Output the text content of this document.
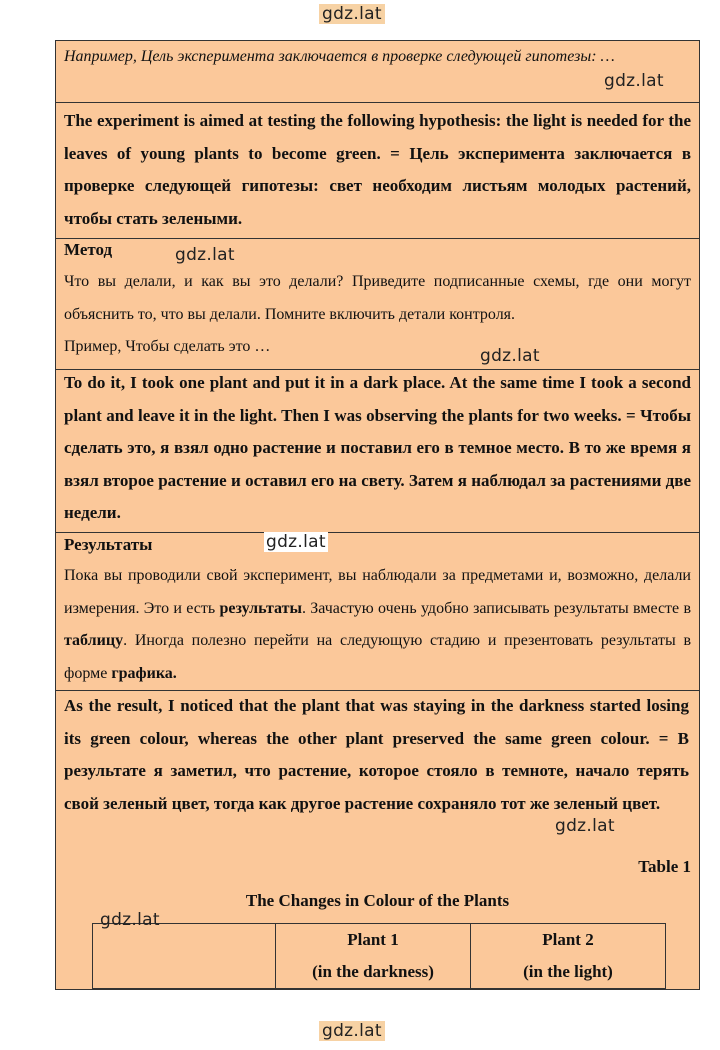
gdz.lat
gdz.lat
Например, Цель эксперимента заключается в проверке следующей гипотезы: …
The experiment is aimed at testing the following hypothesis: the light is needed for the leaves of young plants to become green. = Цель эксперимента заключается в проверке следующей гипотезы: свет необходим листьям молодых растений, чтобы стать зелеными.
Метод
Что вы делали, и как вы это делали? Приведите подписанные схемы, где они могут объяснить то, что вы делали. Помните включить детали контроля.
Пример, Чтобы сделать это …
To do it, I took one plant and put it in a dark place. At the same time I took a second plant and leave it in the light. Then I was observing the plants for two weeks. = Чтобы сделать это, я взял одно растение и поставил его в темное место. В то же время я взял второе растение и оставил его на свету. Затем я наблюдал за растениями две недели.
Результаты
Пока вы проводили свой эксперимент, вы наблюдали за предметами и, возможно, делали измерения. Это и есть результаты. Зачастую очень удобно записывать результаты вместе в таблицу. Иногда полезно перейти на следующую стадию и презентовать результаты в форме графика.
As the result, I noticed that the plant that was staying in the darkness started losing its green colour, whereas the other plant preserved the same green colour. = В результате я заметил, что растение, которое стояло в темноте, начало терять свой зеленый цвет, тогда как другое растение сохраняло тот же зеленый цвет.
Table 1
The Changes in Colour of the Plants
Plant 1
(in the darkness)
Plant 2
(in the light)
gdz.lat
gdz.lat
gdz.lat
gdz.lat
gdz.lat
gdz.lat
